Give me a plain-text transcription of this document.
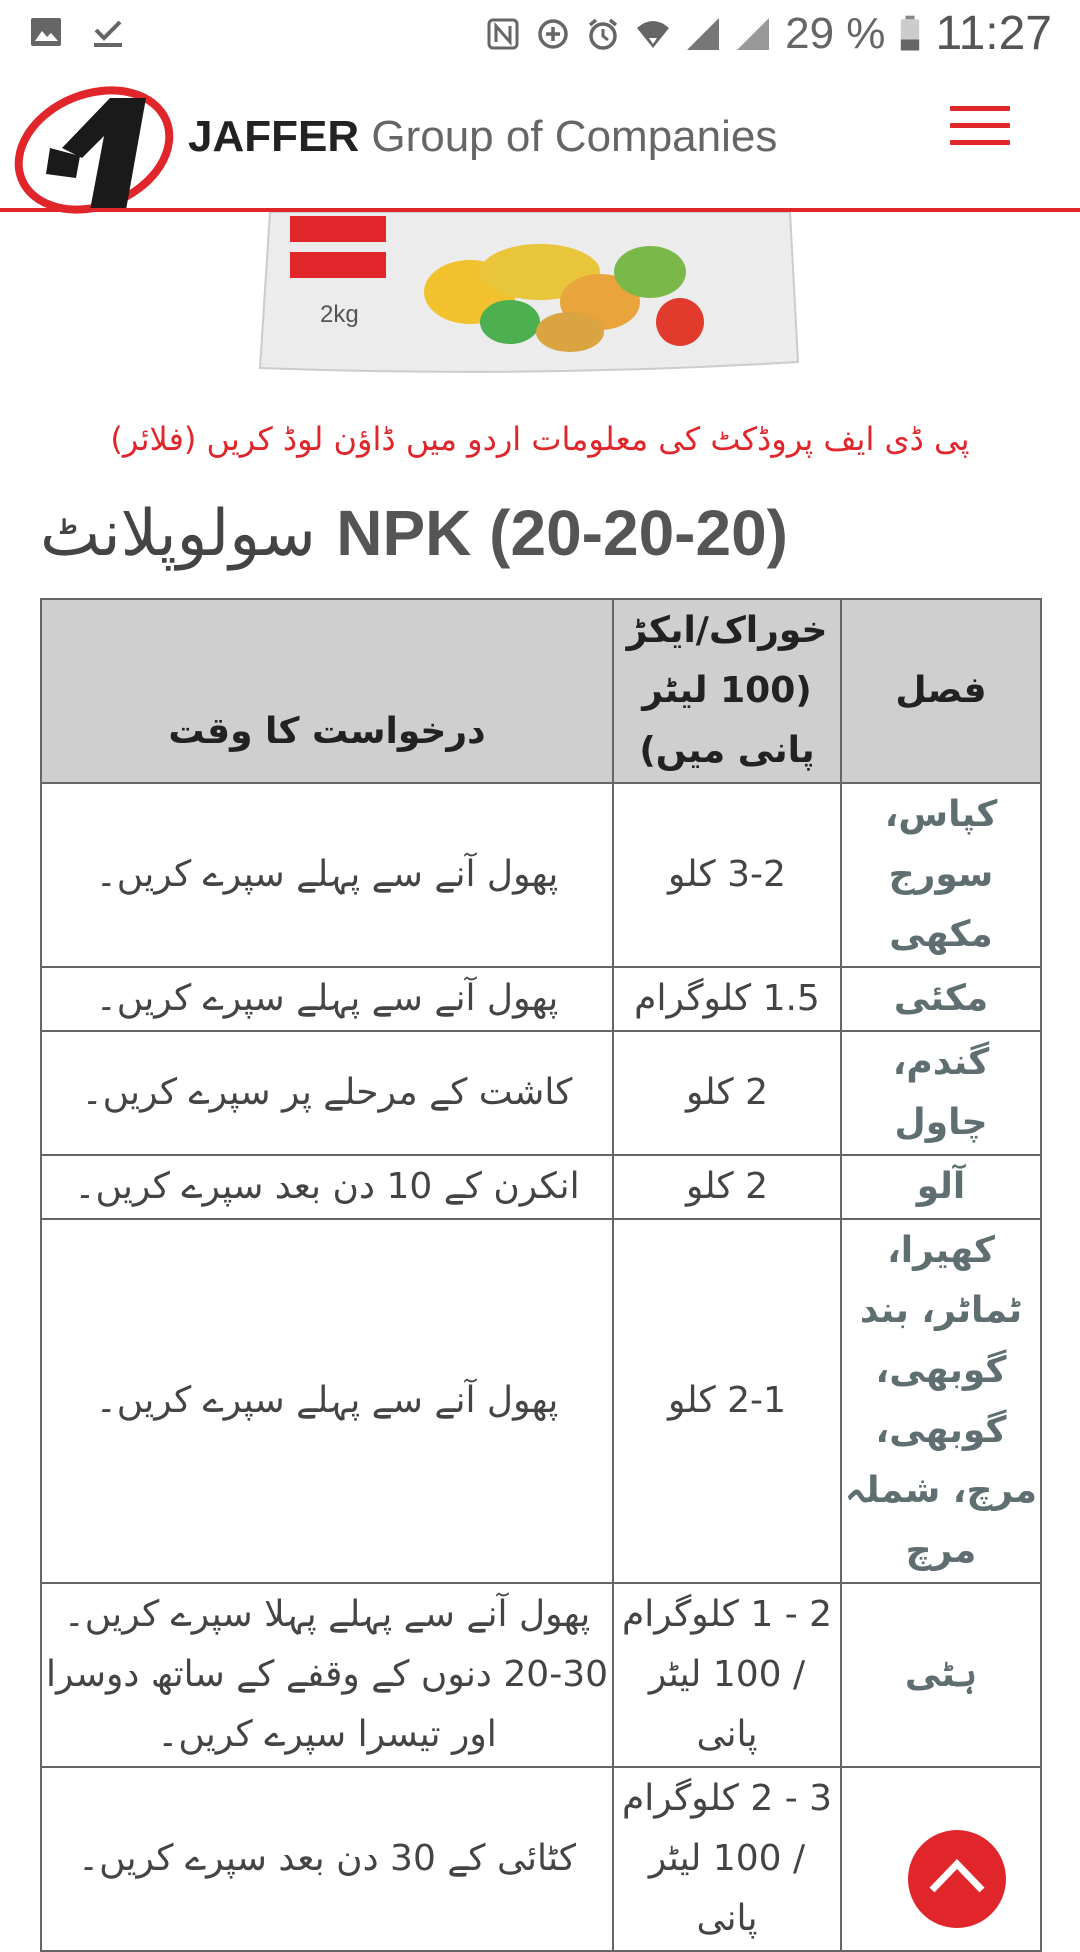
29 % 11:27
JAFFER Group of Companies
2kg
پی ڈی ایف پروڈکٹ کی معلومات اردو میں ڈاؤن لوڈ کریں (فلائر)
NPK (20-20-20) سولوپلانٹ
فصل	خوراک/ایکڑ (100 لیٹر پانی میں)	درخواست کا وقت
کپاس، سورج مکھی	3-2 کلو	پھول آنے سے پہلے سپرے کریں۔
مکئی	1.5 کلوگرام	پھول آنے سے پہلے سپرے کریں۔
گندم، چاول	2 کلو	کاشت کے مرحلے پر سپرے کریں۔
آلو	2 کلو	انکرن کے 10 دن بعد سپرے کریں۔
کھیرا، ٹماٹر، بند گوبھی، گوبھی، مرچ، شملہ مرچ	2-1 کلو	پھول آنے سے پہلے سپرے کریں۔
ہٹی	2 - 1 کلوگرام / 100 لیٹر پانی	پھول آنے سے پہلے پہلا سپرے کریں۔ 30-20 دنوں کے وقفے کے ساتھ دوسرا اور تیسرا سپرے کریں۔
	3 - 2 کلوگرام / 100 لیٹر پانی	کٹائی کے 30 دن بعد سپرے کریں۔
